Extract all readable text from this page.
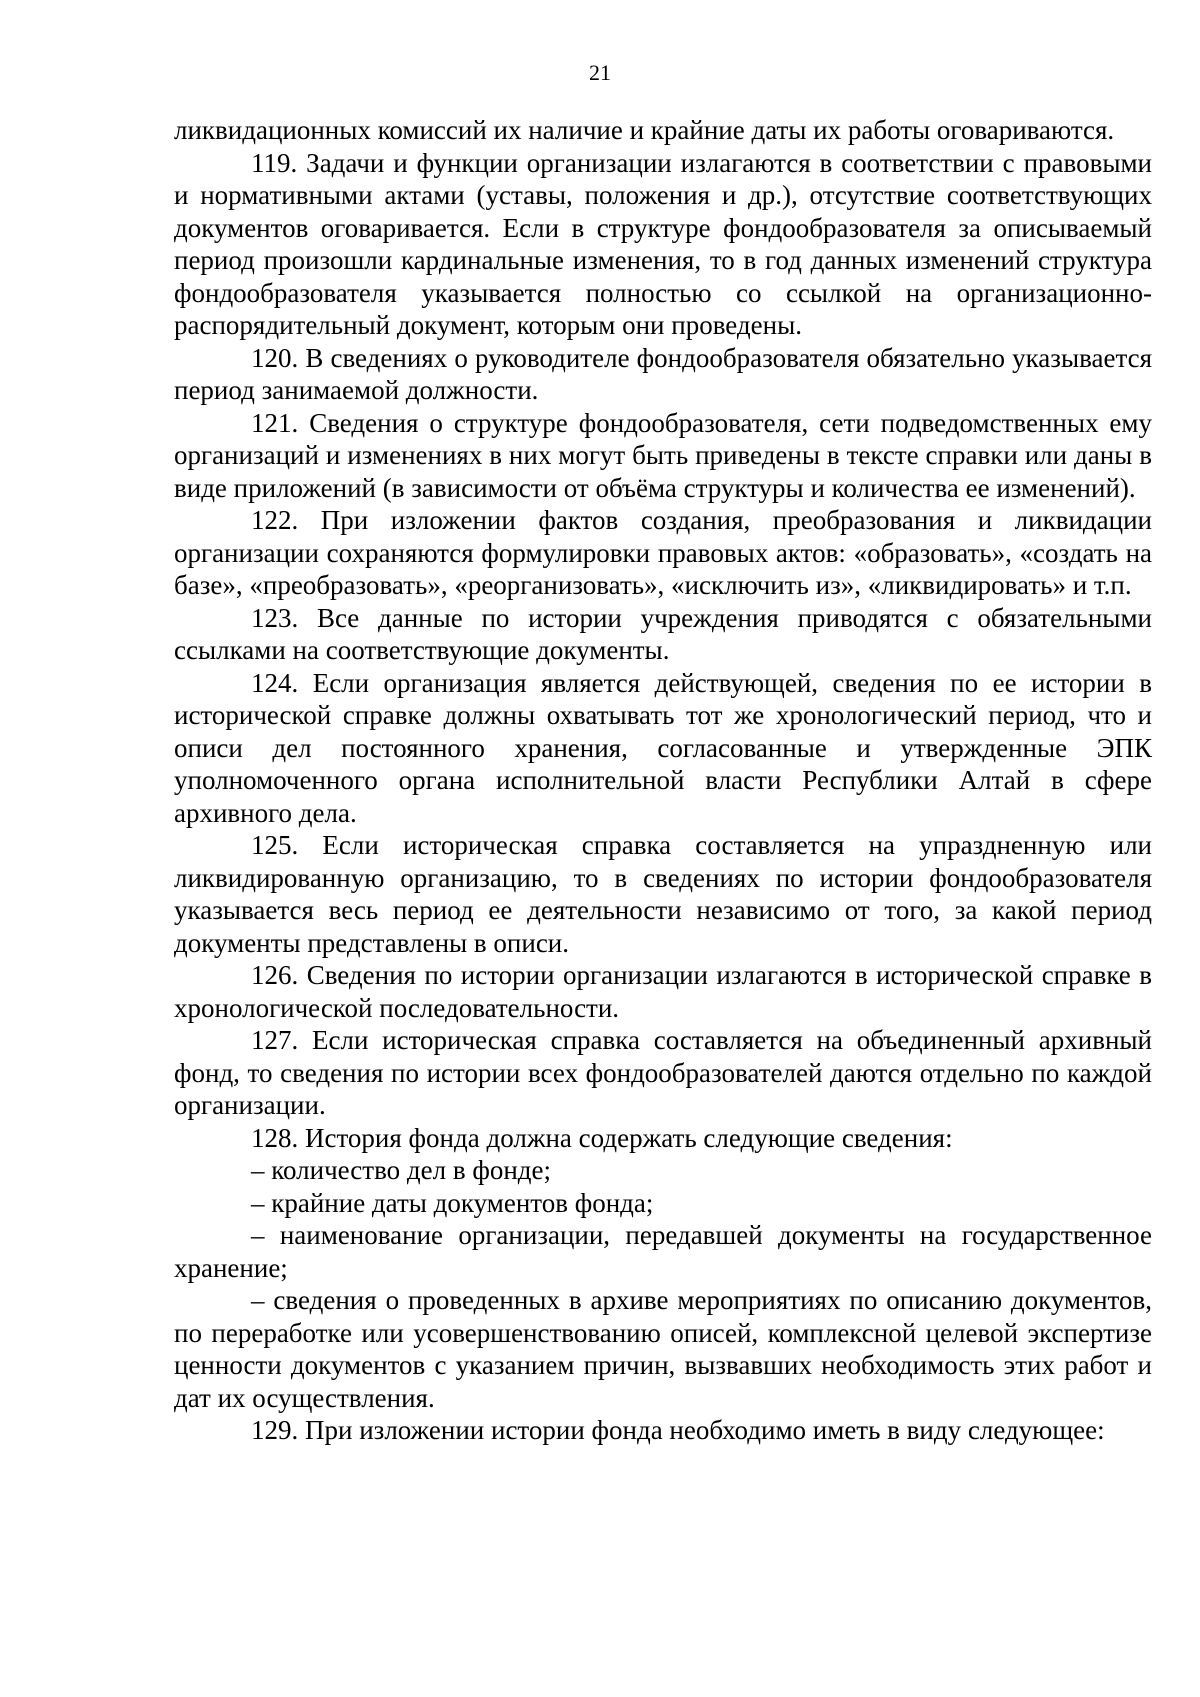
21

ликвидационных комиссий их наличие и крайние даты их работы оговариваются.

119. Задачи и функции организации излагаются в соответствии с правовыми и нормативными актами (уставы, положения и др.), отсутствие соответствующих документов оговаривается. Если в структуре фондообразователя за описываемый период произошли кардинальные изменения, то в год данных изменений структура фондообразователя указывается полностью со ссылкой на организационно-распорядительный документ, которым они проведены.

120. В сведениях о руководителе фондообразователя обязательно указывается период занимаемой должности.

121. Сведения о структуре фондообразователя, сети подведомственных ему организаций и изменениях в них могут быть приведены в тексте справки или даны в виде приложений (в зависимости от объёма структуры и количества ее изменений).

122. При изложении фактов создания, преобразования и ликвидации организации сохраняются формулировки правовых актов: «образовать», «создать на базе», «преобразовать», «реорганизовать», «исключить из», «ликвидировать» и т.п.

123. Все данные по истории учреждения приводятся с обязательными ссылками на соответствующие документы.

124. Если организация является действующей, сведения по ее истории в исторической справке должны охватывать тот же хронологический период, что и описи дел постоянного хранения, согласованные и утвержденные ЭПК уполномоченного органа исполнительной власти Республики Алтай в сфере архивного дела.

125. Если историческая справка составляется на упраздненную или ликвидированную организацию, то в сведениях по истории фондообразователя указывается весь период ее деятельности независимо от того, за какой период документы представлены в описи.

126. Сведения по истории организации излагаются в исторической справке в хронологической последовательности.

127. Если историческая справка составляется на объединенный архивный фонд, то сведения по истории всех фондообразователей даются отдельно по каждой организации.

128. История фонда должна содержать следующие сведения:

– количество дел в фонде;

– крайние даты документов фонда;

– наименование организации, передавшей документы на государственное хранение;

– сведения о проведенных в архиве мероприятиях по описанию документов, по переработке или усовершенствованию описей, комплексной целевой экспертизе ценности документов с указанием причин, вызвавших необходимость этих работ и дат их осуществления.

129. При изложении истории фонда необходимо иметь в виду следующее:
